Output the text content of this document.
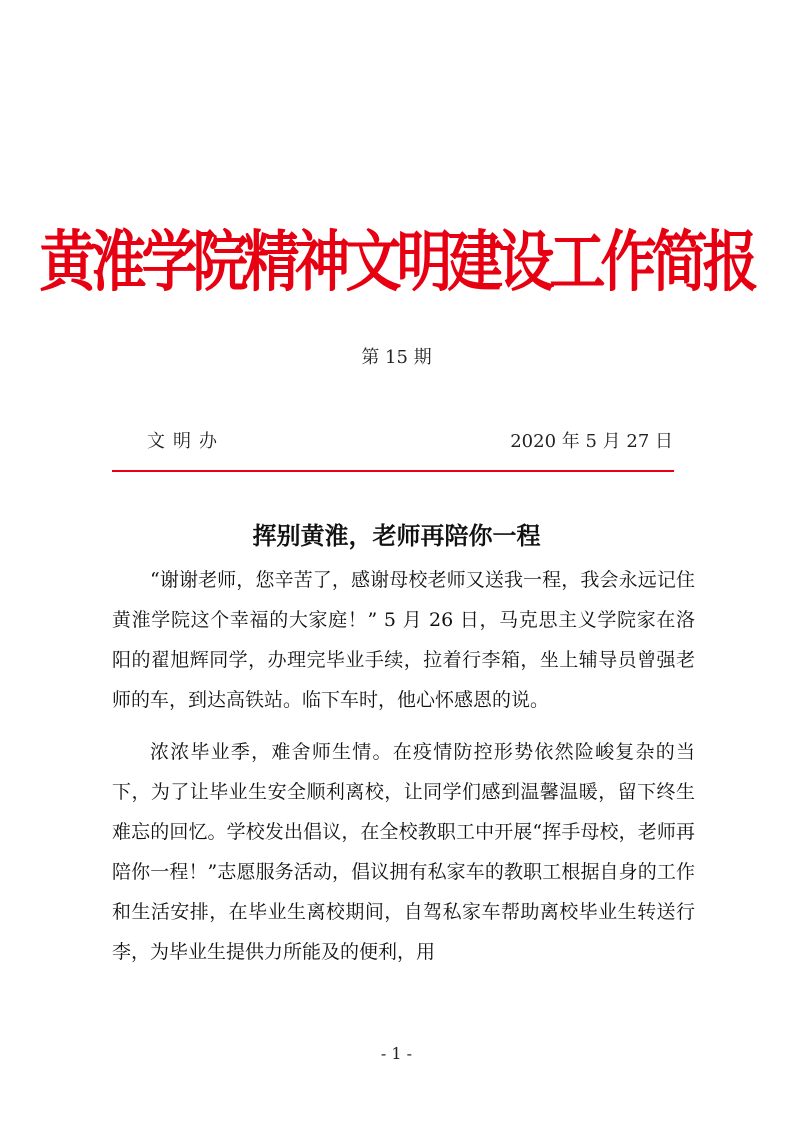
黄淮学院精神文明建设工作简报
第 15 期
文明办	2020 年 5 月 27 日
挥别黄淮，老师再陪你一程

“谢谢老师，您辛苦了，感谢母校老师又送我一程，我会永远记住黄淮学院这个幸福的大家庭！” 5 月 26 日，马克思主义学院家在洛阳的翟旭辉同学，办理完毕业手续，拉着行李箱，坐上辅导员曾强老师的车，到达高铁站。临下车时，他心怀感恩的说。

浓浓毕业季，难舍师生情。在疫情防控形势依然险峻复杂的当下，为了让毕业生安全顺利离校，让同学们感到温馨温暖，留下终生难忘的回忆。学校发出倡议，在全校教职工中开展“挥手母校，老师再陪你一程！”志愿服务活动，倡议拥有私家车的教职工根据自身的工作和生活安排，在毕业生离校期间，自驾私家车帮助离校毕业生转送行李，为毕业生提供力所能及的便利，用

- 1 -
